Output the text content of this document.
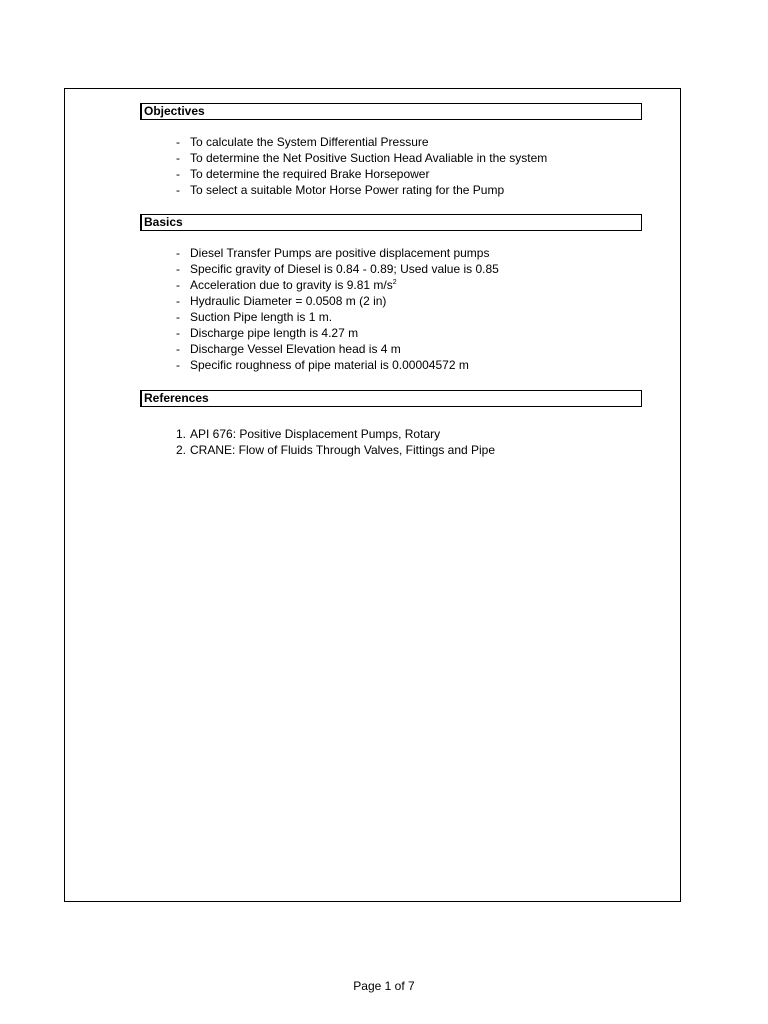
Objectives
- To calculate the System Differential Pressure
- To determine the Net Positive Suction Head Avaliable in the system
- To determine the required Brake Horsepower
- To select a suitable Motor Horse Power rating for the Pump
Basics
- Diesel Transfer Pumps are positive displacement pumps
- Specific gravity of Diesel is 0.84 - 0.89; Used value is 0.85
- Acceleration due to gravity is 9.81 $m/s^2$
- Hydraulic Diameter = 0.0508 m (2 in)
- Suction Pipe length is 1 m.
- Discharge pipe length is 4.27 m
- Discharge Vessel Elevation head is 4 m
- Specific roughness of pipe material is 0.00004572 m
References
1. API 676: Positive Displacement Pumps, Rotary
2. CRANE: Flow of Fluids Through Valves, Fittings and Pipe
Page 1 of 7
